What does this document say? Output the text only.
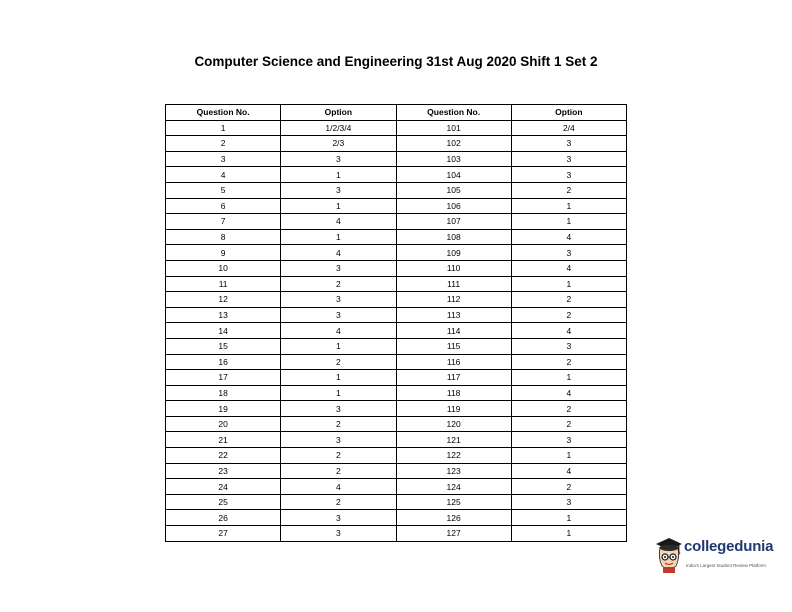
Computer Science and Engineering 31st Aug 2020 Shift 1 Set 2
Question No.	Option	Question No.	Option
1	1/2/3/4	101	2/4
2	2/3	102	3
3	3	103	3
4	1	104	3
5	3	105	2
6	1	106	1
7	4	107	1
8	1	108	4
9	4	109	3
10	3	110	4
11	2	111	1
12	3	112	2
13	3	113	2
14	4	114	4
15	1	115	3
16	2	116	2
17	1	117	1
18	1	118	4
19	3	119	2
20	2	120	2
21	3	121	3
22	2	122	1
23	2	123	4
24	4	124	2
25	2	125	3
26	3	126	1
27	3	127	1
collegedunia
India's Largest Student Review Platform
